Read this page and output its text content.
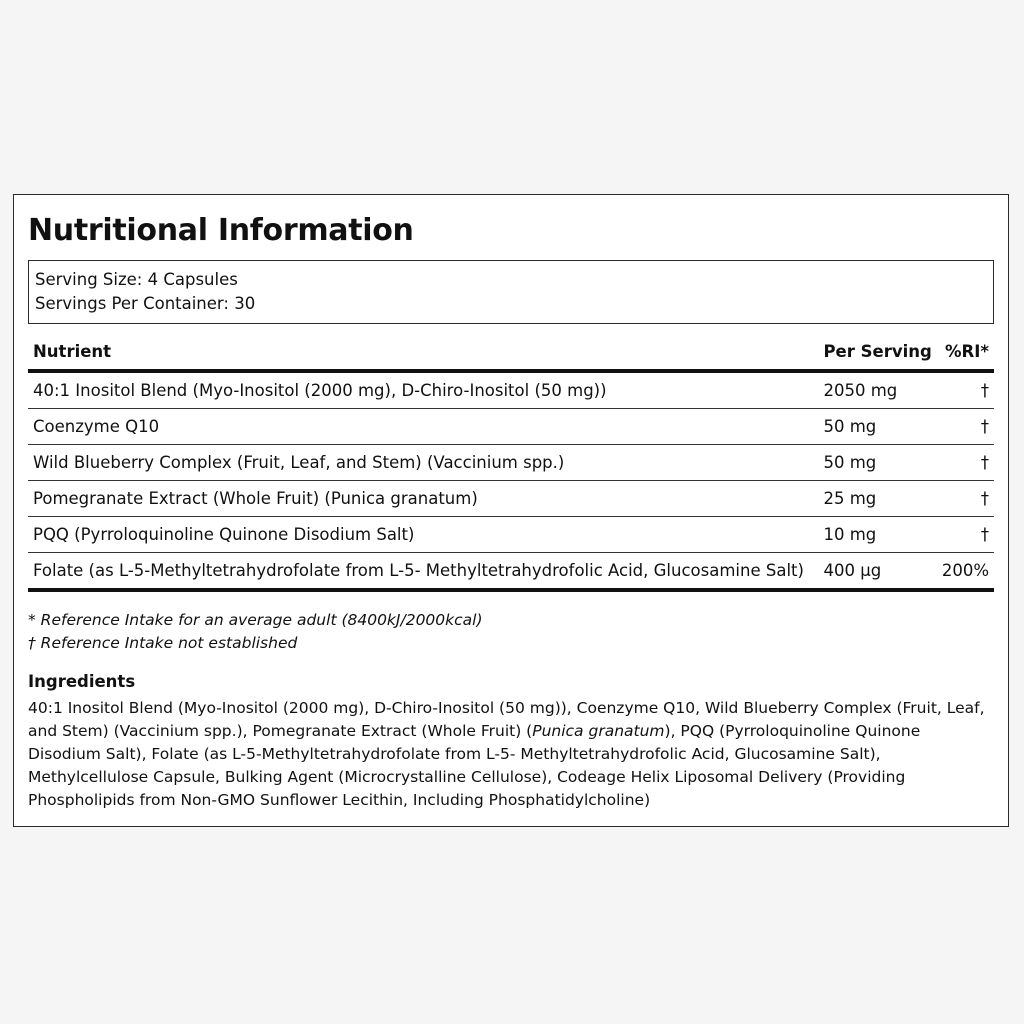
Nutritional Information
Serving Size: 4 Capsules
Servings Per Container: 30
Nutrient	Per Serving	%RI*
40:1 Inositol Blend (Myo-Inositol (2000 mg), D-Chiro-Inositol (50 mg))	2050 mg	†
Coenzyme Q10	50 mg	†
Wild Blueberry Complex (Fruit, Leaf, and Stem) (Vaccinium spp.)	50 mg	†
Pomegranate Extract (Whole Fruit) (Punica granatum)	25 mg	†
PQQ (Pyrroloquinoline Quinone Disodium Salt)	10 mg	†
Folate (as L-5-Methyltetrahydrofolate from L-5- Methyltetrahydrofolic Acid, Glucosamine Salt)	400 µg	200%
* Reference Intake for an average adult (8400kJ/2000kcal)
† Reference Intake not established
Ingredients
40:1 Inositol Blend (Myo-Inositol (2000 mg), D-Chiro-Inositol (50 mg)), Coenzyme Q10, Wild Blueberry Complex (Fruit, Leaf, and Stem) (Vaccinium spp.), Pomegranate Extract (Whole Fruit) (Punica granatum), PQQ (Pyrroloquinoline Quinone Disodium Salt), Folate (as L-5-Methyltetrahydrofolate from L-5- Methyltetrahydrofolic Acid, Glucosamine Salt), Methylcellulose Capsule, Bulking Agent (Microcrystalline Cellulose), Codeage Helix Liposomal Delivery (Providing Phospholipids from Non-GMO Sunflower Lecithin, Including Phosphatidylcholine)
